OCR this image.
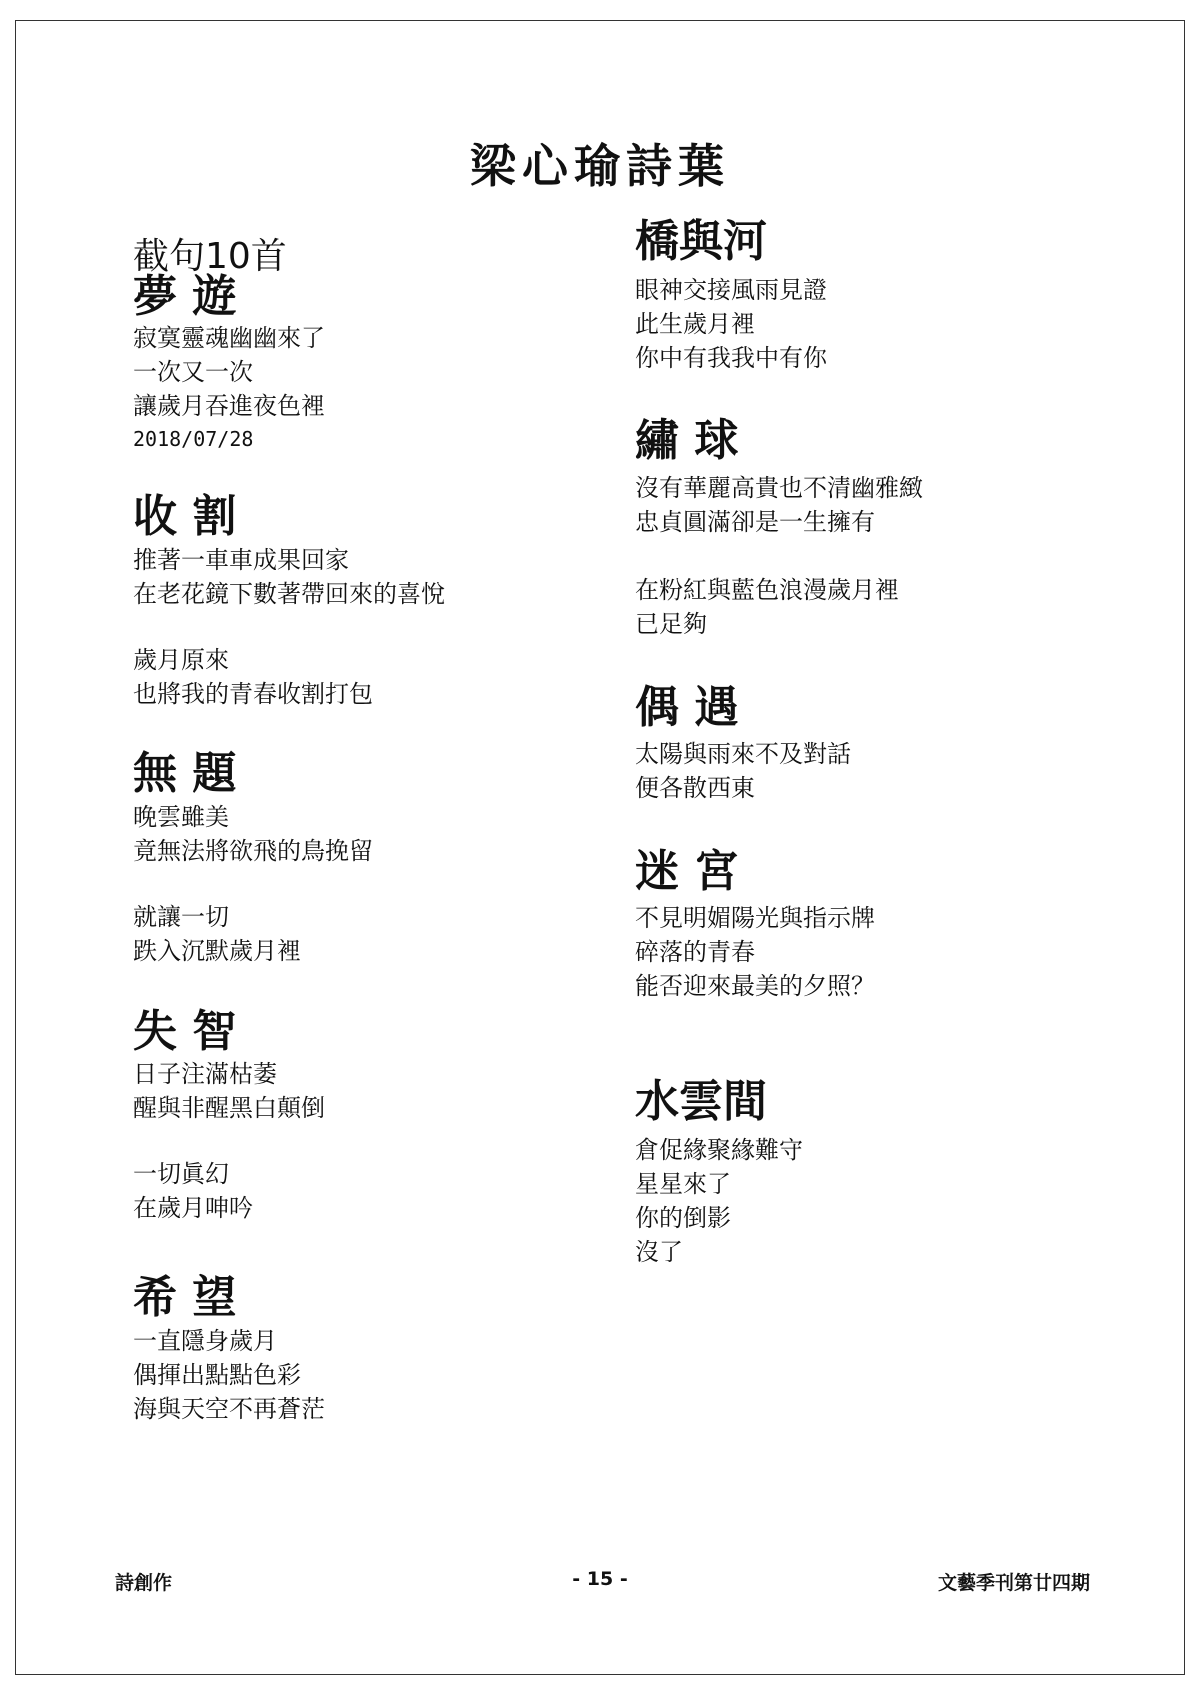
梁心瑜詩葉
截句10首
夢 遊
寂寞靈魂幽幽來了
一次又一次
讓歲月吞進夜色裡
2018/07/28
收 割
推著一車車成果回家
在老花鏡下數著帶回來的喜悅
歲月原來
也將我的青春收割打包
無 題
晚雲雖美
竟無法將欲飛的鳥挽留
就讓一切
跌入沉默歲月裡
失 智
日子注滿枯萎
醒與非醒黑白顛倒
一切眞幻
在歲月呻吟
希 望
一直隱身歲月
偶揮出點點色彩
海與天空不再蒼茫
橋與河
眼神交接風雨見證
此生歲月裡
你中有我我中有你
繡 球
沒有華麗高貴也不清幽雅緻
忠貞圓滿卻是一生擁有
在粉紅與藍色浪漫歲月裡
已足夠
偶 遇
太陽與雨來不及對話
便各散西東
迷 宮
不見明媚陽光與指示牌
碎落的青春
能否迎來最美的夕照？
水雲間
倉促緣聚緣難守
星星來了
你的倒影
沒了
詩創作	- 15 -	文藝季刊第廿四期
